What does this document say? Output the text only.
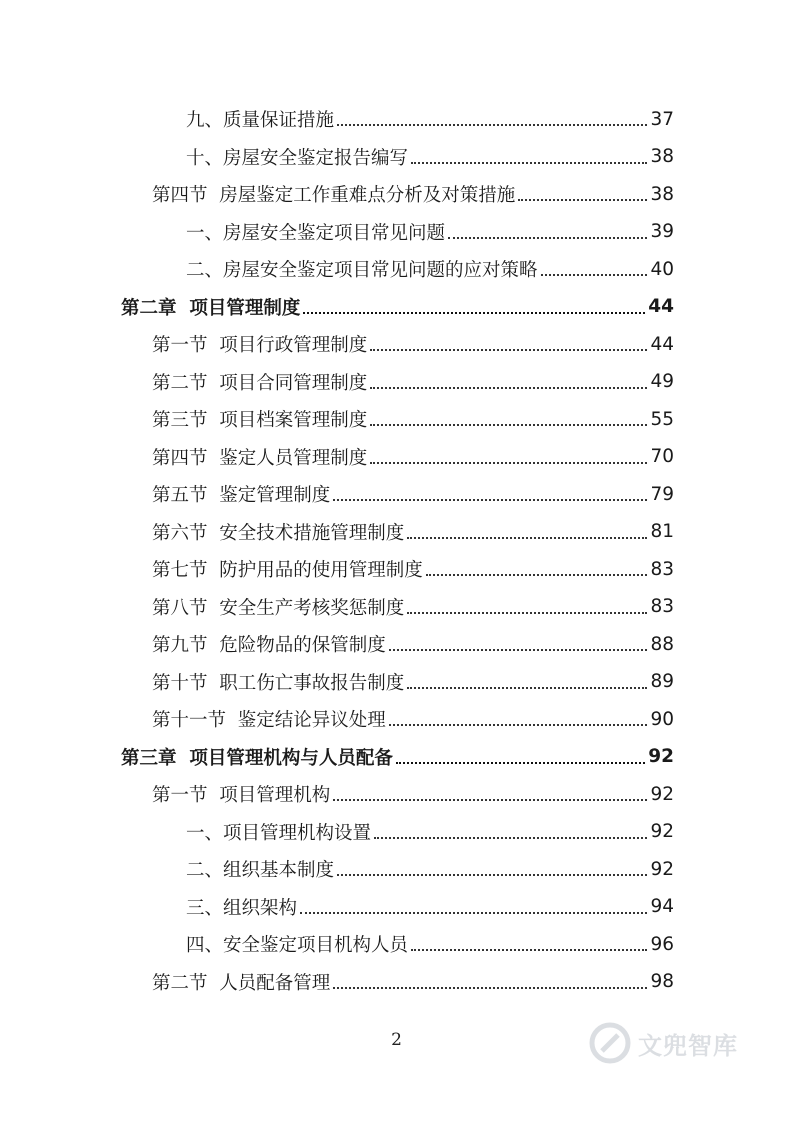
九、质量保证措施	37
十、房屋安全鉴定报告编写	38
第四节  房屋鉴定工作重难点分析及对策措施	38
一、房屋安全鉴定项目常见问题	39
二、房屋安全鉴定项目常见问题的应对策略	40
第二章  项目管理制度	44
第一节  项目行政管理制度	44
第二节  项目合同管理制度	49
第三节  项目档案管理制度	55
第四节  鉴定人员管理制度	70
第五节  鉴定管理制度	79
第六节  安全技术措施管理制度	81
第七节  防护用品的使用管理制度	83
第八节  安全生产考核奖惩制度	83
第九节  危险物品的保管制度	88
第十节  职工伤亡事故报告制度	89
第十一节  鉴定结论异议处理	90
第三章  项目管理机构与人员配备	92
第一节  项目管理机构	92
一、项目管理机构设置	92
二、组织基本制度	92
三、组织架构	94
四、安全鉴定项目机构人员	96
第二节  人员配备管理	98
2	文兜智库
